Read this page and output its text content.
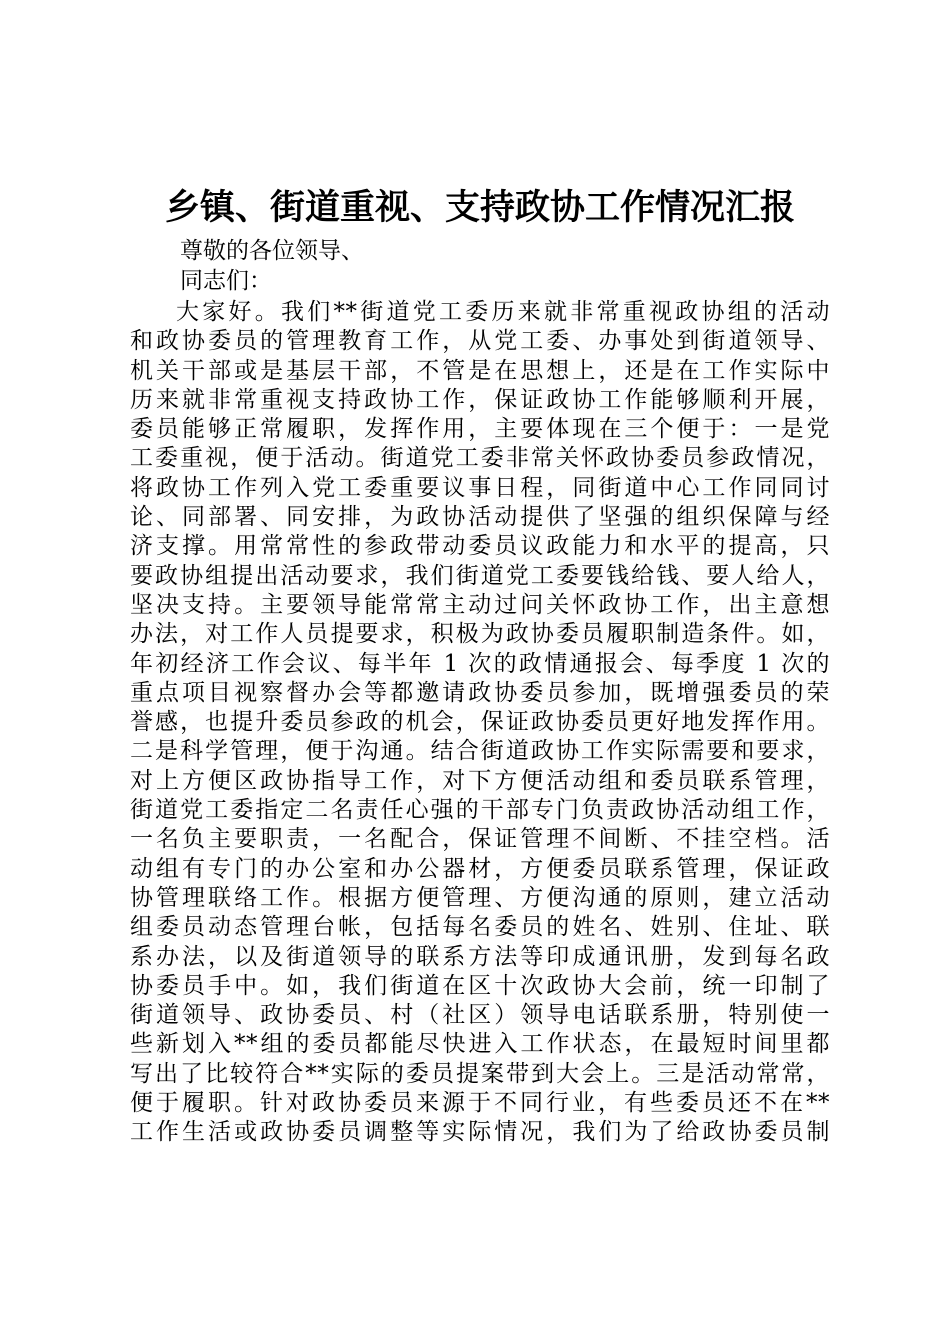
乡镇、街道重视、支持政协工作情况汇报

尊敬的各位领导、

同志们：

大家好。我们**街道党工委历来就非常重视政协组的活动
和政协委员的管理教育工作，从党工委、办事处到街道领导、
机关干部或是基层干部，不管是在思想上，还是在工作实际中
历来就非常重视支持政协工作，保证政协工作能够顺利开展，
委员能够正常履职，发挥作用，主要体现在三个便于：一是党
工委重视，便于活动。街道党工委非常关怀政协委员参政情况，
将政协工作列入党工委重要议事日程，同街道中心工作同同讨
论、同部署、同安排，为政协活动提供了坚强的组织保障与经
济支撑。用常常性的参政带动委员议政能力和水平的提高，只
要政协组提出活动要求，我们街道党工委要钱给钱、要人给人，
坚决支持。主要领导能常常主动过问关怀政协工作，出主意想
办法，对工作人员提要求，积极为政协委员履职制造条件。如，
年初经济工作会议、每半年 1 次的政情通报会、每季度 1 次的
重点项目视察督办会等都邀请政协委员参加，既增强委员的荣
誉感，也提升委员参政的机会，保证政协委员更好地发挥作用。
二是科学管理，便于沟通。结合街道政协工作实际需要和要求，
对上方便区政协指导工作，对下方便活动组和委员联系管理，
街道党工委指定二名责任心强的干部专门负责政协活动组工作，
一名负主要职责，一名配合，保证管理不间断、不挂空档。活
动组有专门的办公室和办公器材，方便委员联系管理，保证政
协管理联络工作。根据方便管理、方便沟通的原则，建立活动
组委员动态管理台帐，包括每名委员的姓名、姓别、住址、联
系办法，以及街道领导的联系方法等印成通讯册，发到每名政
协委员手中。如，我们街道在区十次政协大会前，统一印制了
街道领导、政协委员、村（社区）领导电话联系册，特别使一
些新划入**组的委员都能尽快进入工作状态，在最短时间里都
写出了比较符合**实际的委员提案带到大会上。三是活动常常，
便于履职。针对政协委员来源于不同行业，有些委员还不在**
工作生活或政协委员调整等实际情况，我们为了给政协委员制
